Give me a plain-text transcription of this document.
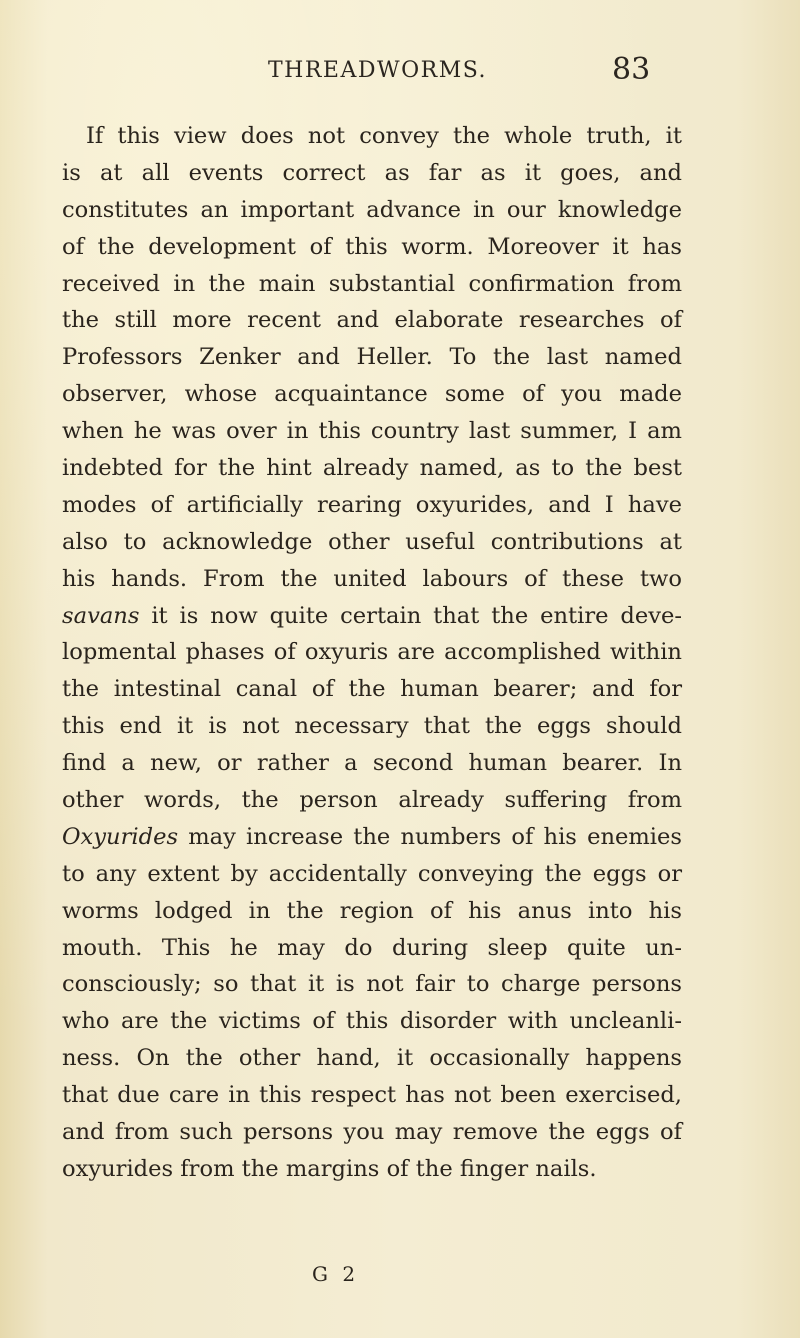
THREADWORMS.	83
If this view does not convey the whole truth, it
is at all events correct as far as it goes, and
constitutes an important advance in our knowledge
of the development of this worm. Moreover it has
received in the main substantial confirmation from
the still more recent and elaborate researches of
Professors Zenker and Heller. To the last named
observer, whose acquaintance some of you made
when he was over in this country last summer, I am
indebted for the hint already named, as to the best
modes of artificially rearing oxyurides, and I have
also to acknowledge other useful contributions at
his hands. From the united labours of these two
savans it is now quite certain that the entire deve-
lopmental phases of oxyuris are accomplished within
the intestinal canal of the human bearer; and for
this end it is not necessary that the eggs should
find a new, or rather a second human bearer. In
other words, the person already suffering from
Oxyurides may increase the numbers of his enemies
to any extent by accidentally conveying the eggs or
worms lodged in the region of his anus into his
mouth. This he may do during sleep quite un-
consciously; so that it is not fair to charge persons
who are the victims of this disorder with uncleanli-
ness. On the other hand, it occasionally happens
that due care in this respect has not been exercised,
and from such persons you may remove the eggs of
oxyurides from the margins of the finger nails.
G 2
